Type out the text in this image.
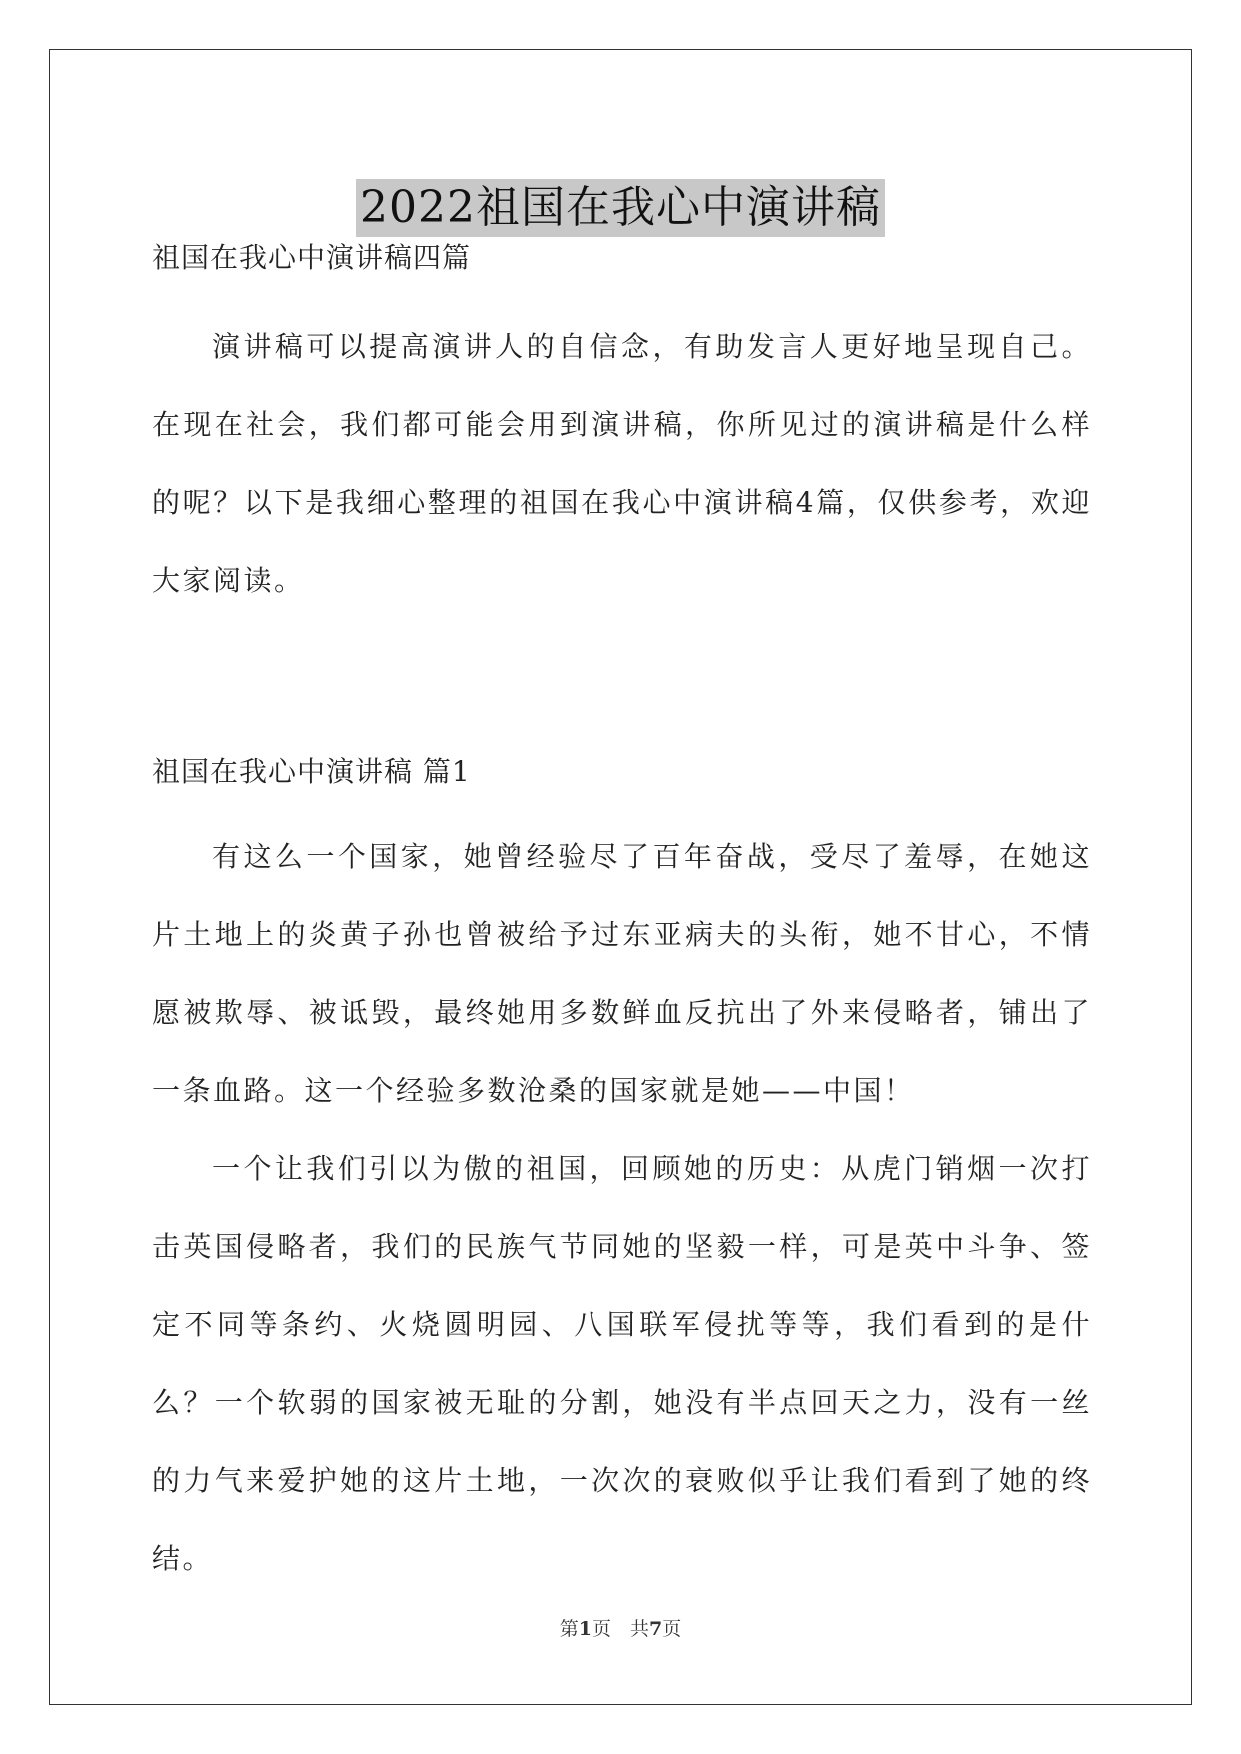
2022祖国在我心中演讲稿
祖国在我心中演讲稿四篇

演讲稿可以提高演讲人的自信念，有助发言人更好地呈现自己。在现在社会，我们都可能会用到演讲稿，你所见过的演讲稿是什么样的呢？以下是我细心整理的祖国在我心中演讲稿4篇，仅供参考，欢迎大家阅读。

祖国在我心中演讲稿 篇1

有这么一个国家，她曾经验尽了百年奋战，受尽了羞辱，在她这片土地上的炎黄子孙也曾被给予过东亚病夫的头衔，她不甘心，不情愿被欺辱、被诋毁，最终她用多数鲜血反抗出了外来侵略者，铺出了一条血路。这一个经验多数沧桑的国家就是她——中国！

一个让我们引以为傲的祖国，回顾她的历史：从虎门销烟一次打击英国侵略者，我们的民族气节同她的坚毅一样，可是英中斗争、签定不同等条约、火烧圆明园、八国联军侵扰等等，我们看到的是什么？一个软弱的国家被无耻的分割，她没有半点回天之力，没有一丝的力气来爱护她的这片土地，一次次的衰败似乎让我们看到了她的终结。

第1页　共7页
